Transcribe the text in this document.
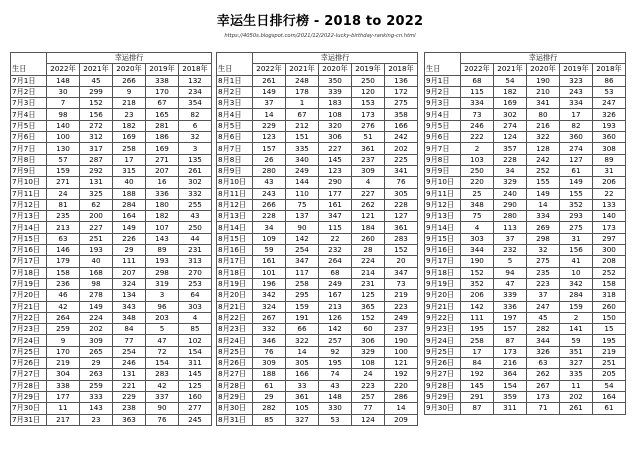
幸运生日排行榜 - 2018 to 2022
https://4050s.blogspot.com/2021/12/2022-lucky-birthday-ranking-cn.html
	幸运排行				
生日	2022年	2021年	2020年	2019年	2018年
7月1日	148	45	266	338	132
7月2日	30	299	9	170	234
7月3日	7	152	218	67	354
7月4日	98	156	23	165	82
7月5日	140	272	182	281	6
7月6日	100	312	169	186	32
7月7日	130	317	258	169	3
7月8日	57	287	17	271	135
7月9日	159	292	315	207	261
7月10日	271	131	40	16	302
7月11日	24	325	188	336	332
7月12日	81	62	284	180	255
7月13日	235	200	164	182	43
7月14日	213	227	149	107	250
7月15日	63	251	226	143	44
7月16日	146	193	29	89	231
7月17日	179	40	111	193	313
7月18日	158	168	207	298	270
7月19日	236	98	324	319	253
7月20日	46	278	134	3	64
7月21日	42	149	343	96	303
7月22日	264	224	348	203	4
7月23日	259	202	84	5	85
7月24日	9	309	77	47	102
7月25日	170	265	254	72	154
7月26日	219	29	246	154	311
7月27日	304	263	131	283	145
7月28日	338	259	221	42	125
7月29日	177	333	229	337	160
7月30日	11	143	238	90	277
7月31日	217	23	363	76	245
	幸运排行				
生日	2022年	2021年	2020年	2019年	2018年
8月1日	261	248	350	250	136
8月2日	149	178	339	120	172
8月3日	37	1	183	153	275
8月4日	14	67	108	173	358
8月5日	229	212	320	276	166
8月6日	123	151	306	51	242
8月7日	157	335	227	361	202
8月8日	26	340	145	237	225
8月9日	280	249	123	309	341
8月10日	43	144	290	4	76
8月11日	243	110	177	227	305
8月12日	266	75	161	262	228
8月13日	228	137	347	121	127
8月14日	34	90	115	184	361
8月15日	109	142	22	260	283
8月16日	59	254	232	28	152
8月17日	161	347	264	224	20
8月18日	101	117	68	214	347
8月19日	196	258	249	231	73
8月20日	342	295	167	125	219
8月21日	324	159	213	365	223
8月22日	267	191	126	152	249
8月23日	332	66	142	60	237
8月24日	346	322	257	306	190
8月25日	76	14	92	329	100
8月26日	309	305	195	108	121
8月27日	188	166	74	24	192
8月28日	61	33	43	223	220
8月29日	29	361	148	257	286
8月30日	282	105	330	77	14
8月31日	85	327	53	124	209
	幸运排行				
生日	2022年	2021年	2020年	2019年	2018年
9月1日	68	54	190	323	86
9月2日	115	182	210	243	53
9月3日	334	169	341	334	247
9月4日	73	302	80	17	326
9月5日	246	274	216	82	193
9月6日	222	124	322	360	360
9月7日	2	357	128	274	308
9月8日	103	228	242	127	89
9月9日	250	34	252	61	31
9月10日	220	329	155	149	206
9月11日	25	240	149	155	22
9月12日	348	290	14	352	133
9月13日	75	280	334	293	140
9月14日	4	113	269	275	173
9月15日	303	37	298	31	297
9月16日	344	232	32	156	300
9月17日	190	5	275	41	208
9月18日	152	94	235	10	252
9月19日	352	47	223	342	158
9月20日	206	339	37	284	318
9月21日	142	336	247	159	260
9月22日	111	197	45	2	150
9月23日	195	157	282	141	15
9月24日	258	87	344	59	195
9月25日	17	173	326	351	219
9月26日	84	216	63	327	251
9月27日	192	364	262	335	205
9月28日	145	154	267	11	54
9月29日	291	359	173	202	164
9月30日	87	311	71	261	61
